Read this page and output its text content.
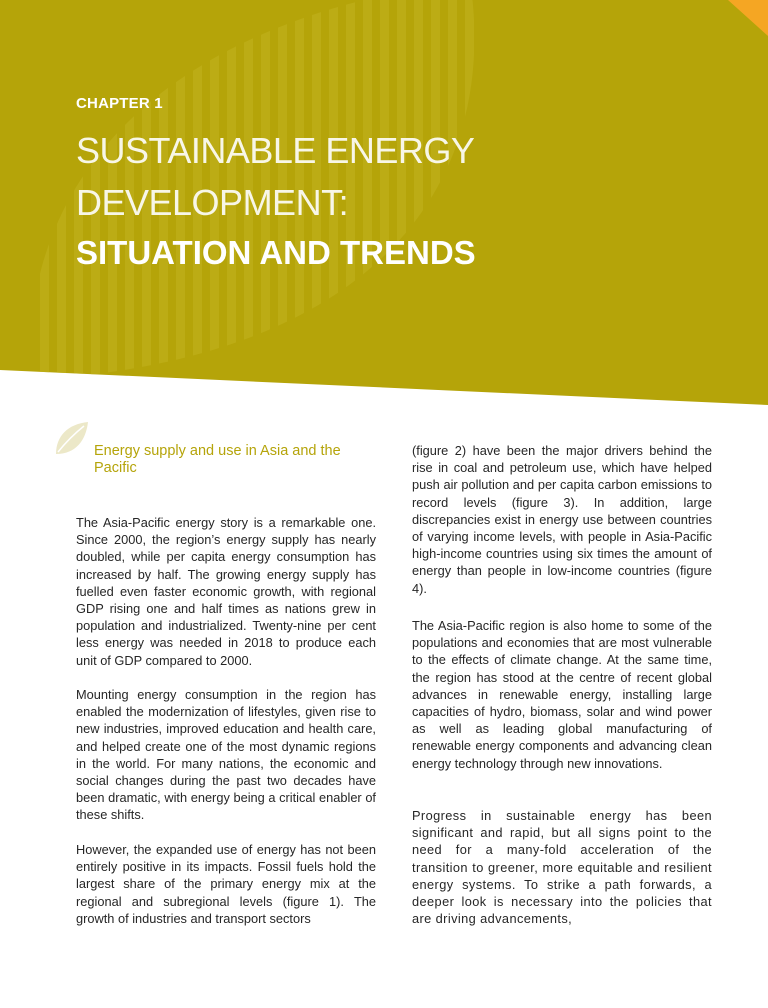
CHAPTER 1

SUSTAINABLE ENERGY
DEVELOPMENT:
SITUATION AND TRENDS
Energy supply and use in Asia and the Pacific

The Asia-Pacific energy story is a remarkable one. Since 2000, the region’s energy supply has nearly doubled, while per capita energy consumption has increased by half. The growing energy supply has fuelled even faster economic growth, with regional GDP rising one and half times as nations grew in population and industrialized. Twenty-nine per cent less energy was needed in 2018 to produce each unit of GDP compared to 2000.

Mounting energy consumption in the region has enabled the modernization of lifestyles, given rise to new industries, improved education and health care, and helped create one of the most dynamic regions in the world. For many nations, the economic and social changes during the past two decades have been dramatic, with energy being a critical enabler of these shifts.

However, the expanded use of energy has not been entirely positive in its impacts. Fossil fuels hold the largest share of the primary energy mix at the regional and subregional levels (figure 1). The growth of industries and transport sectors

(figure 2) have been the major drivers behind the rise in coal and petroleum use, which have helped push air pollution and per capita carbon emissions to record levels (figure 3). In addition, large discrepancies exist in energy use between countries of varying income levels, with people in Asia-Pacific high-income countries using six times the amount of energy than people in low-income countries (figure 4).

The Asia-Pacific region is also home to some of the populations and economies that are most vulnerable to the effects of climate change. At the same time, the region has stood at the centre of recent global advances in renewable energy, installing large capacities of hydro, biomass, solar and wind power as well as leading global manufacturing of renewable energy components and advancing clean energy technology through new innovations.

Progress in sustainable energy has been significant and rapid, but all signs point to the need for a many-fold acceleration of the transition to greener, more equitable and resilient energy systems. To strike a path forwards, a deeper look is necessary into the policies that are driving advancements,
